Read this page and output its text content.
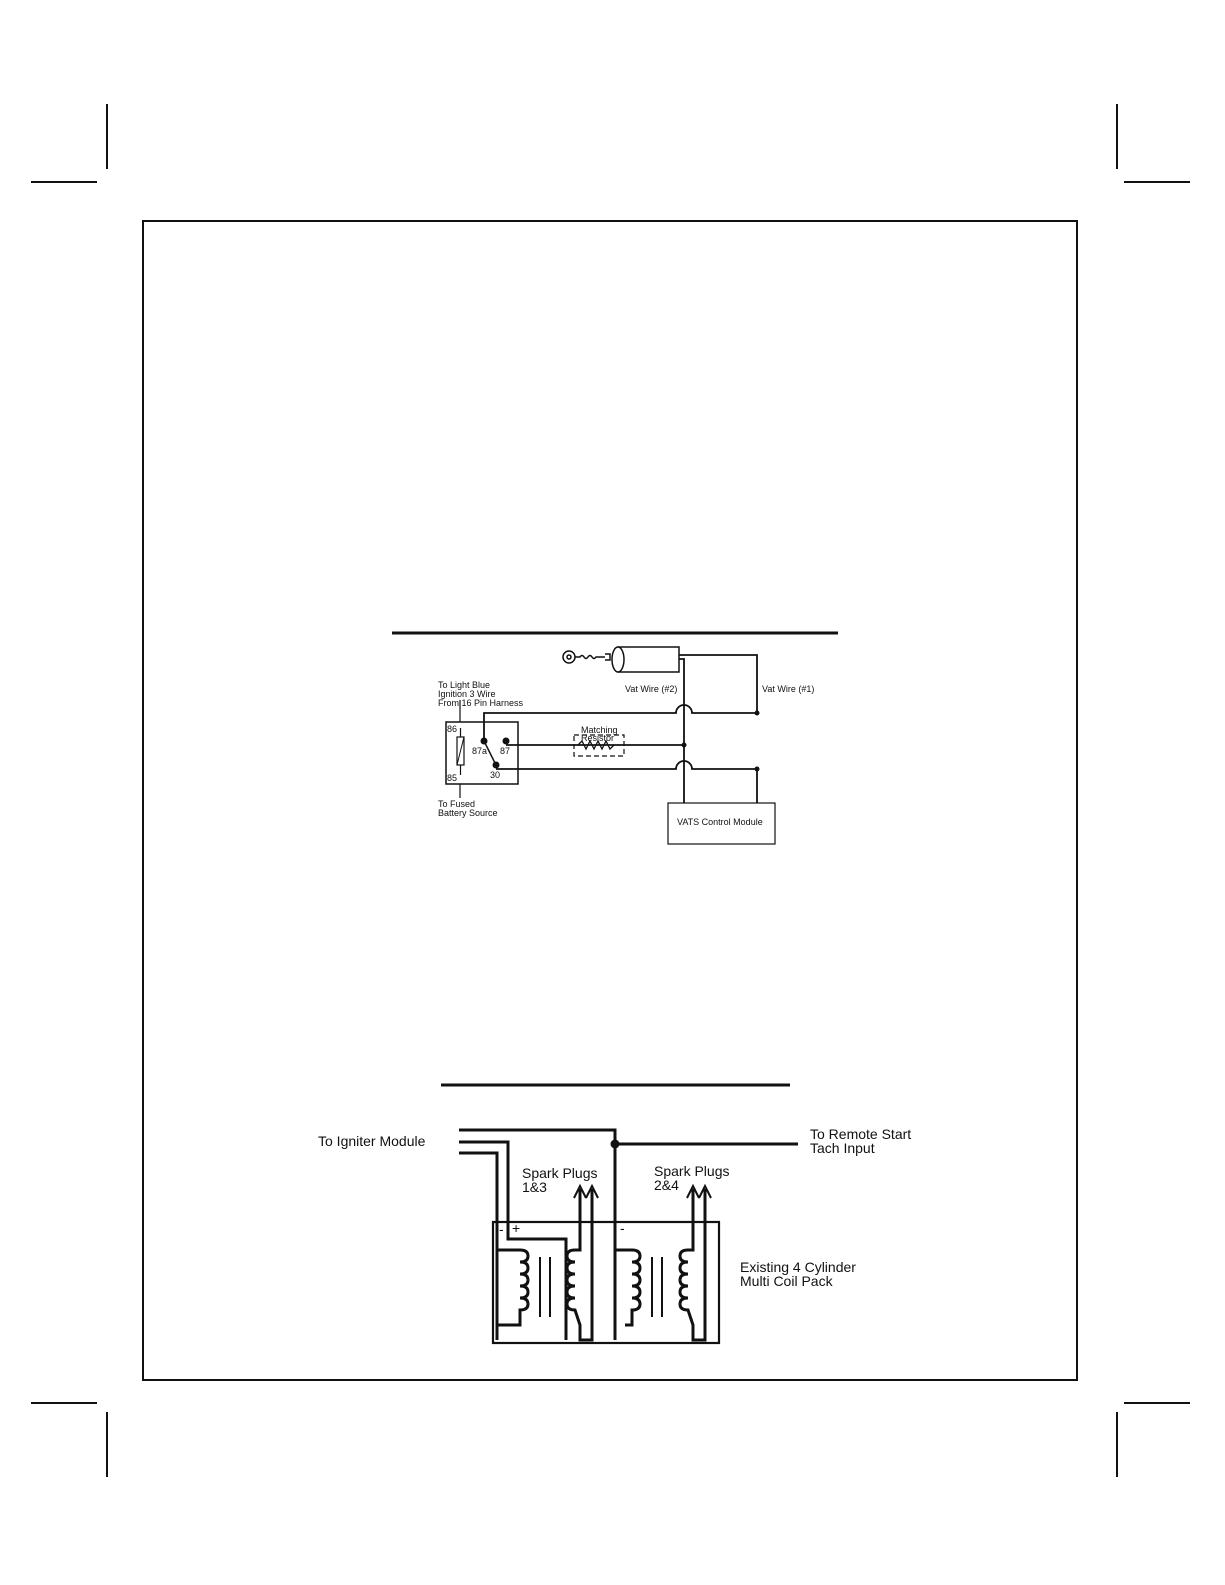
To Light Blue Ignition 3 Wire From 16 Pin Harness
To Fused Battery Source
86
85
87a 87
30
Matching Resistor
Vat Wire (#2)	Vat Wire (#1)
VATS Control Module
To Igniter Module	To Remote Start Tach Input
Spark Plugs 1&3
Spark Plugs 2&4
Existing 4 Cylinder Multi Coil Pack
- +	-
